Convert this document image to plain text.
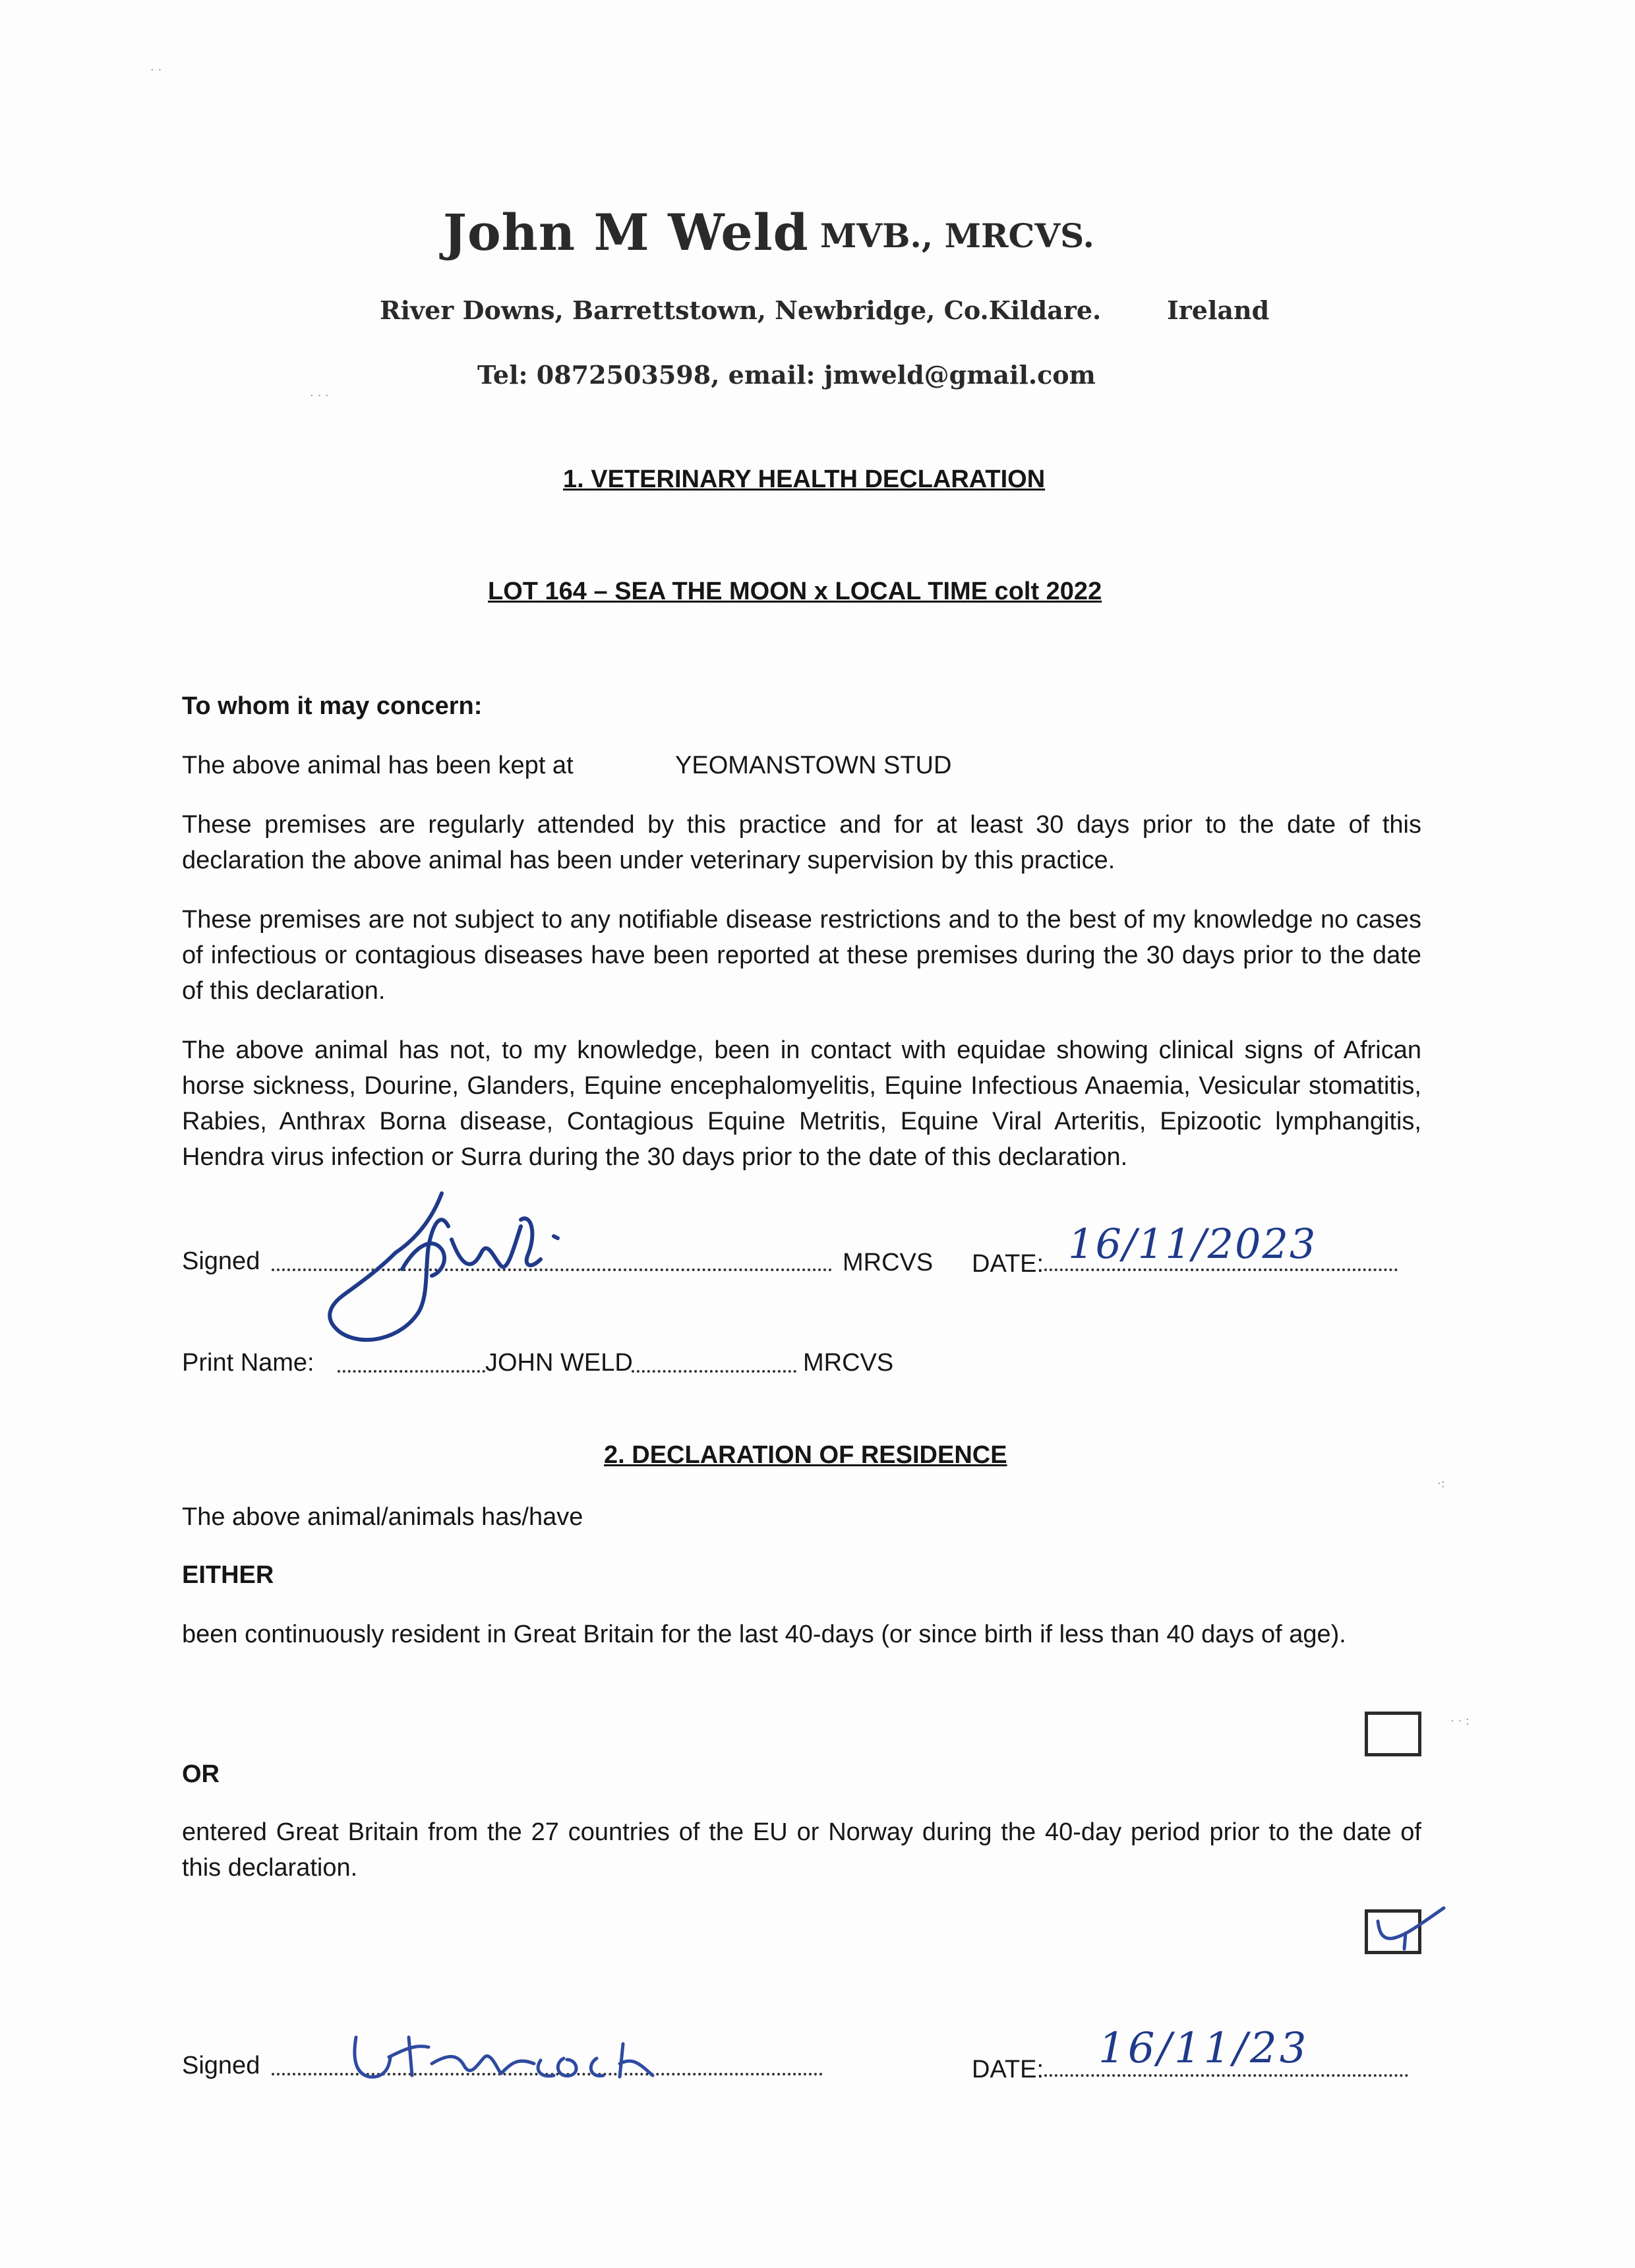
· ·
· · ·
·:
· · :
John M Weld MVB., MRCVS.
River Downs, Barrettstown, Newbridge, Co.Kildare.	Ireland
Tel: 0872503598, email: jmweld@gmail.com
1. VETERINARY HEALTH DECLARATION
LOT 164 – SEA THE MOON x LOCAL TIME colt 2022
To whom it may concern:
The above animal has been kept at	YEOMANSTOWN STUD
These premises are regularly attended by this practice and for at least 30 days prior to the date of this declaration the above animal has been under veterinary supervision by this practice.
These premises are not subject to any notifiable disease restrictions and to the best of my knowledge no cases of infectious or contagious diseases have been reported at these premises during the 30 days prior to the date of this declaration.
The above animal has not, to my knowledge, been in contact with equidae showing clinical signs of African horse sickness, Dourine, Glanders, Equine encephalomyelitis, Equine Infectious Anaemia, Vesicular stomatitis, Rabies, Anthrax Borna disease, Contagious Equine Metritis, Equine Viral Arteritis, Epizootic lymphangitis, Hendra virus infection or Surra during the 30 days prior to the date of this declaration.
Signed	MRCVS DATE: 16/11/2023
Print Name:	JOHN WELD	MRCVS
2. DECLARATION OF RESIDENCE
The above animal/animals has/have
EITHER
been continuously resident in Great Britain for the last 40-days (or since birth if less than 40 days of age).
OR
entered Great Britain from the 27 countries of the EU or Norway during the 40-day period prior to the date of this declaration.
Signed	DATE: 16/11/23
